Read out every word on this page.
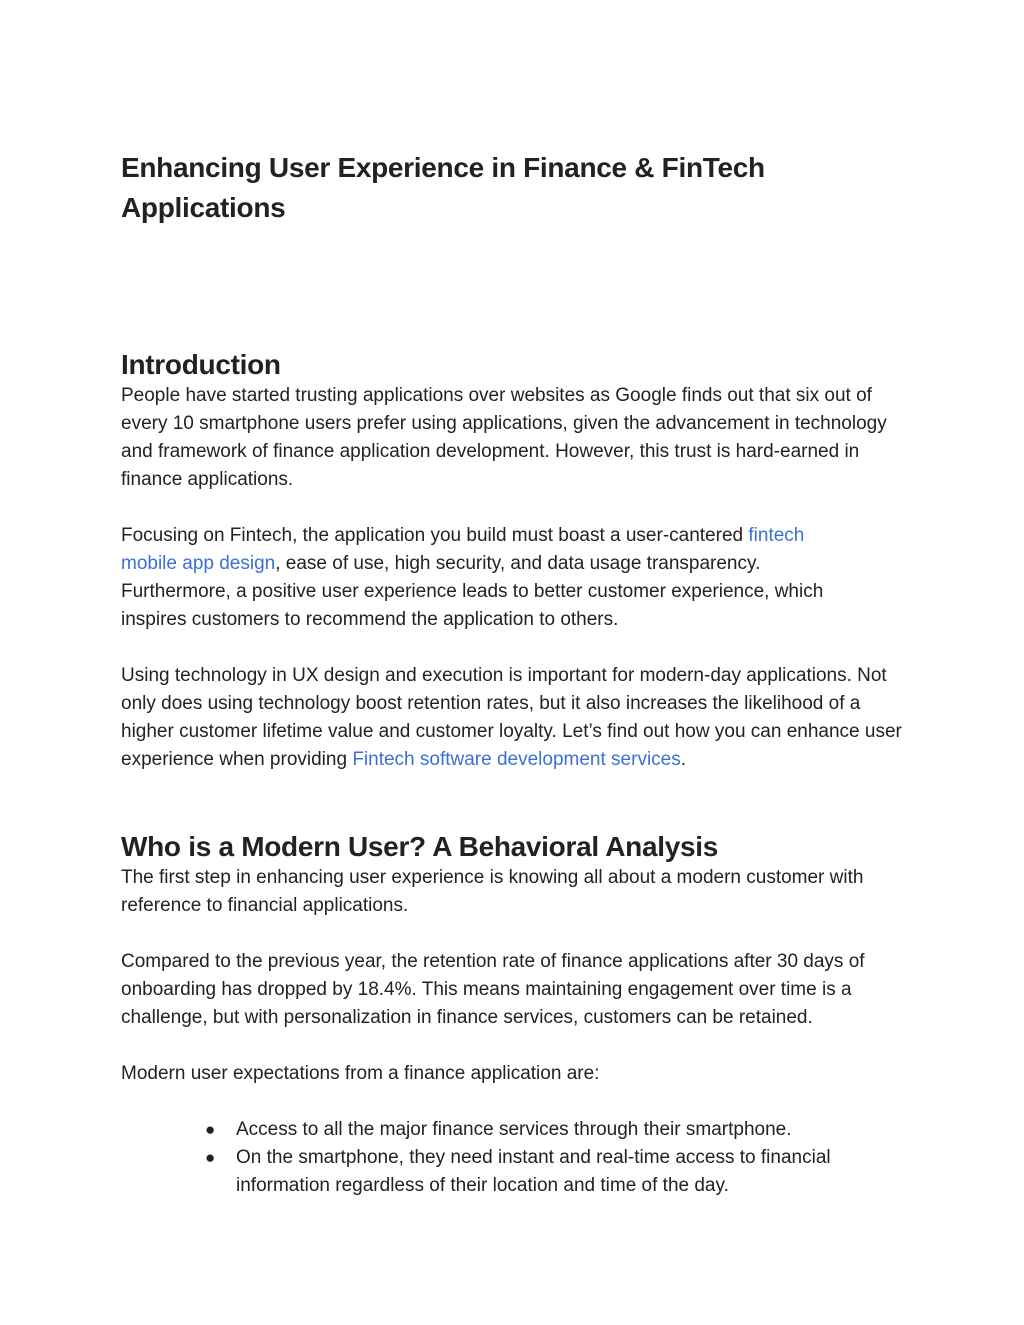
Enhancing User Experience in Finance & FinTech
Applications
Introduction

People have started trusting applications over websites as Google finds out that six out of every 10 smartphone users prefer using applications, given the advancement in technology and framework of finance application development. However, this trust is hard-earned in finance applications.

Focusing on Fintech, the application you build must boast a user-cantered fintech mobile app design, ease of use, high security, and data usage transparency. Furthermore, a positive user experience leads to better customer experience, which inspires customers to recommend the application to others.

Using technology in UX design and execution is important for modern-day applications. Not only does using technology boost retention rates, but it also increases the likelihood of a higher customer lifetime value and customer loyalty. Let’s find out how you can enhance user experience when providing Fintech software development services.

Who is a Modern User? A Behavioral Analysis

The first step in enhancing user experience is knowing all about a modern customer with reference to financial applications.

Compared to the previous year, the retention rate of finance applications after 30 days of onboarding has dropped by 18.4%. This means maintaining engagement over time is a challenge, but with personalization in finance services, customers can be retained.

Modern user expectations from a finance application are:

● Access to all the major finance services through their smartphone.
● On the smartphone, they need instant and real-time access to financial information regardless of their location and time of the day.
